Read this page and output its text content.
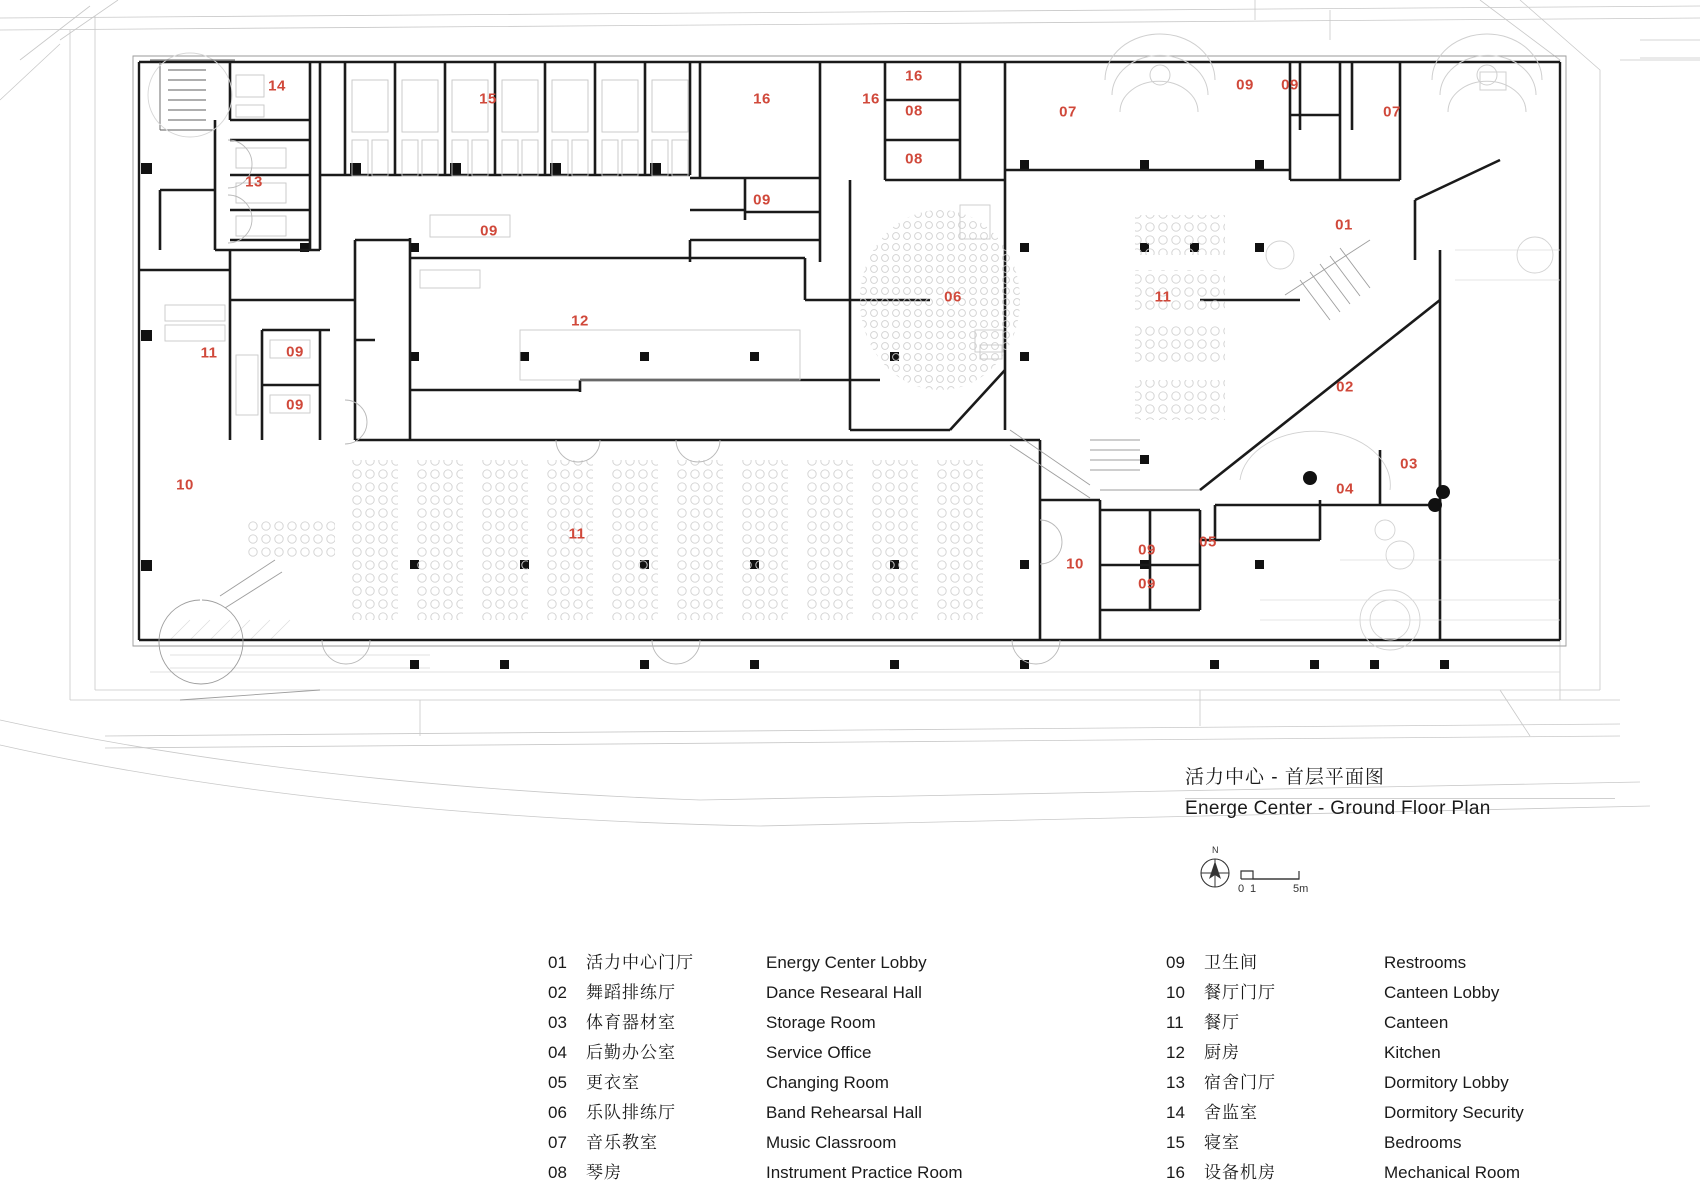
14
15	16	16
16
08
08
07
09 09
07
13
09
09	01
06	11
12
11	09
09
02
03
04
10
11
09	05
10
09
活力中心 - 首层平面图
Energe Center - Ground Floor Plan
0 1	5m
N
01	活力中心门厅	Energy Center Lobby
02	舞蹈排练厅	Dance Researal Hall
03	体育器材室	Storage Room
04	后勤办公室	Service Office
05	更衣室	Changing Room
06	乐队排练厅	Band Rehearsal Hall
07	音乐教室	Music Classroom
08	琴房	Instrument Practice Room
09	卫生间	Restrooms
10	餐厅门厅	Canteen Lobby
11	餐厅	Canteen
12	厨房	Kitchen
13	宿舍门厅	Dormitory Lobby
14	舍监室	Dormitory Security
15	寝室	Bedrooms
16	设备机房	Mechanical Room
